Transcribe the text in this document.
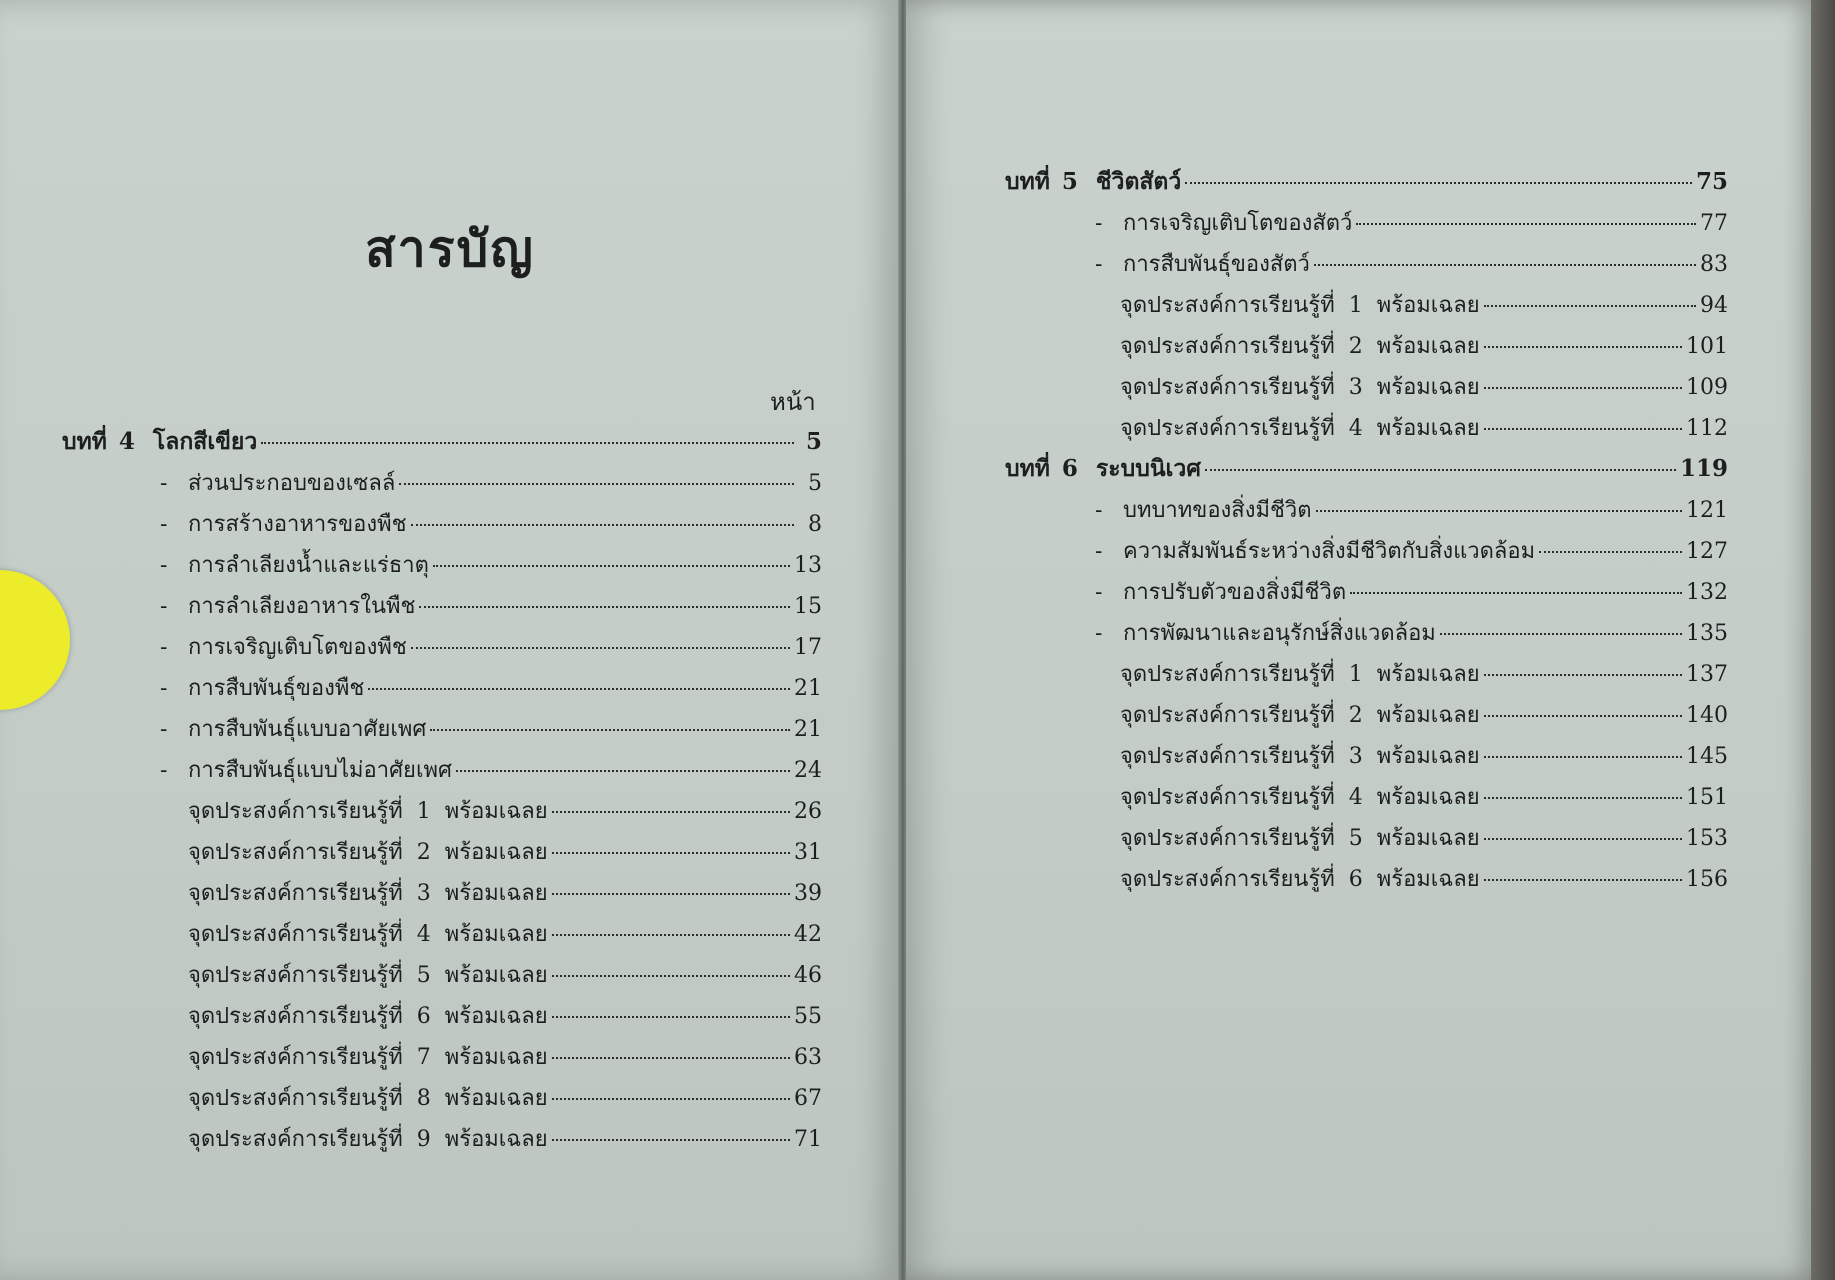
สารบัญ
หน้า
บทที่ 4 โลกสีเขียว	5
- ส่วนประกอบของเซลล์	5
- การสร้างอาหารของพืช	8
- การลำเลียงน้ำและแร่ธาตุ	13
- การลำเลียงอาหารในพืช	15
- การเจริญเติบโตของพืช	17
- การสืบพันธุ์ของพืช	21
- การสืบพันธุ์แบบอาศัยเพศ	21
- การสืบพันธุ์แบบไม่อาศัยเพศ	24
จุดประสงค์การเรียนรู้ที่ 1 พร้อมเฉลย	26
จุดประสงค์การเรียนรู้ที่ 2 พร้อมเฉลย	31
จุดประสงค์การเรียนรู้ที่ 3 พร้อมเฉลย	39
จุดประสงค์การเรียนรู้ที่ 4 พร้อมเฉลย	42
จุดประสงค์การเรียนรู้ที่ 5 พร้อมเฉลย	46
จุดประสงค์การเรียนรู้ที่ 6 พร้อมเฉลย	55
จุดประสงค์การเรียนรู้ที่ 7 พร้อมเฉลย	63
จุดประสงค์การเรียนรู้ที่ 8 พร้อมเฉลย	67
จุดประสงค์การเรียนรู้ที่ 9 พร้อมเฉลย	71
บทที่ 5 ชีวิตสัตว์	75
- การเจริญเติบโตของสัตว์	77
- การสืบพันธุ์ของสัตว์	83
จุดประสงค์การเรียนรู้ที่ 1 พร้อมเฉลย	94
จุดประสงค์การเรียนรู้ที่ 2 พร้อมเฉลย	101
จุดประสงค์การเรียนรู้ที่ 3 พร้อมเฉลย	109
จุดประสงค์การเรียนรู้ที่ 4 พร้อมเฉลย	112
บทที่ 6 ระบบนิเวศ	119
- บทบาทของสิ่งมีชีวิต	121
- ความสัมพันธ์ระหว่างสิ่งมีชีวิตกับสิ่งแวดล้อม	127
- การปรับตัวของสิ่งมีชีวิต	132
- การพัฒนาและอนุรักษ์สิ่งแวดล้อม	135
จุดประสงค์การเรียนรู้ที่ 1 พร้อมเฉลย	137
จุดประสงค์การเรียนรู้ที่ 2 พร้อมเฉลย	140
จุดประสงค์การเรียนรู้ที่ 3 พร้อมเฉลย	145
จุดประสงค์การเรียนรู้ที่ 4 พร้อมเฉลย	151
จุดประสงค์การเรียนรู้ที่ 5 พร้อมเฉลย	153
จุดประสงค์การเรียนรู้ที่ 6 พร้อมเฉลย	156
